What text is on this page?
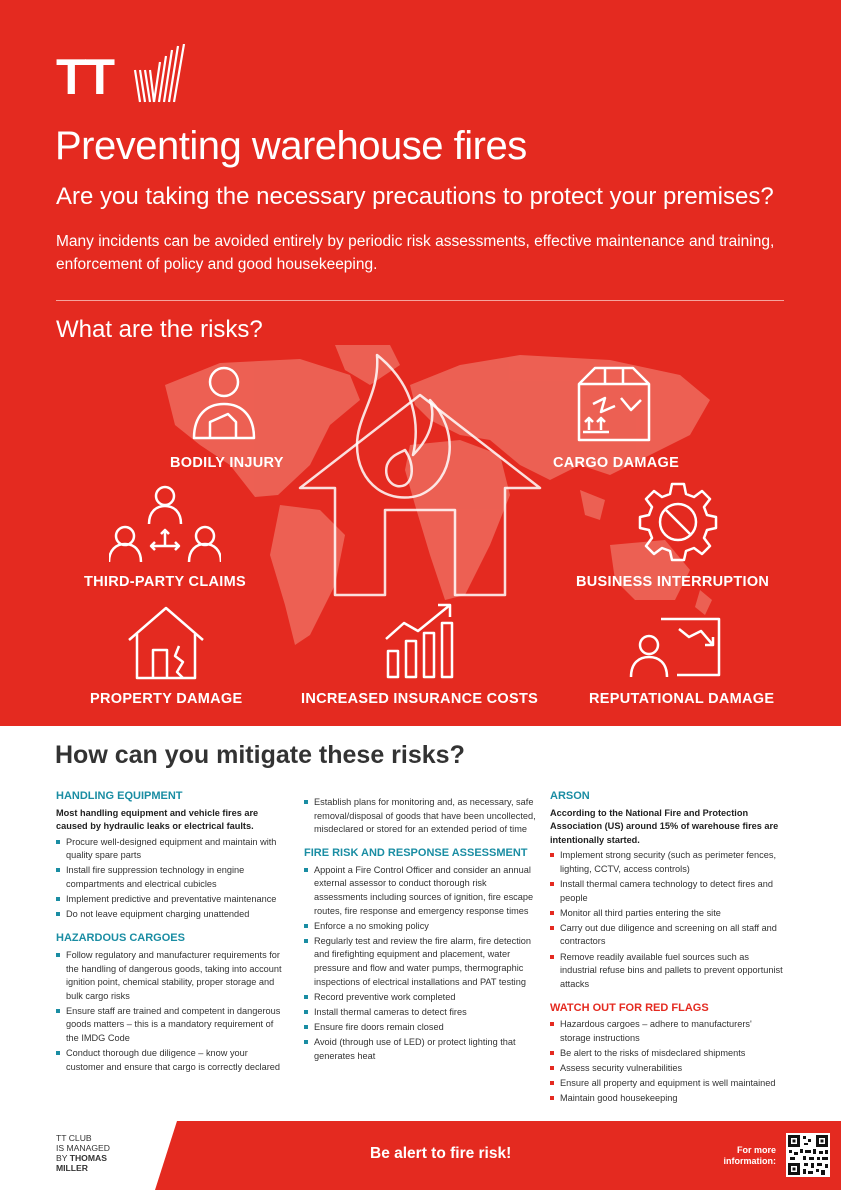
TT
Preventing warehouse fires
Are you taking the necessary precautions to protect your premises?

Many incidents can be avoided entirely by periodic risk assessments, effective maintenance and training, enforcement of policy and good housekeeping.

What are the risks?
BODILY INJURY	CARGO DAMAGE
THIRD-PARTY CLAIMS	BUSINESS INTERRUPTION
PROPERTY DAMAGE	INCREASED INSURANCE COSTS	REPUTATIONAL DAMAGE
How can you mitigate these risks?
HANDLING EQUIPMENT
Most handling equipment and vehicle fires are caused by hydraulic leaks or electrical faults.
Procure well-designed equipment and maintain with quality spare parts
Install fire suppression technology in engine compartments and electrical cubicles
Implement predictive and preventative maintenance
Do not leave equipment charging unattended
HAZARDOUS CARGOES
Follow regulatory and manufacturer requirements for the handling of dangerous goods, taking into account ignition point, chemical stability, proper storage and bulk cargo risks
Ensure staff are trained and competent in dangerous goods matters – this is a mandatory requirement of the IMDG Code
Conduct thorough due diligence – know your customer and ensure that cargo is correctly declared
Establish plans for monitoring and, as necessary, safe removal/disposal of goods that have been uncollected, misdeclared or stored for an extended period of time
FIRE RISK AND RESPONSE ASSESSMENT
Appoint a Fire Control Officer and consider an annual external assessor to conduct thorough risk assessments including sources of ignition, fire escape routes, fire response and emergency response times
Enforce a no smoking policy
Regularly test and review the fire alarm, fire detection and firefighting equipment and placement, water pressure and flow and water pumps, thermographic inspections of electrical installations and PAT testing
Record preventive work completed
Install thermal cameras to detect fires
Ensure fire doors remain closed
Avoid (through use of LED) or protect lighting that generates heat
ARSON
According to the National Fire and Protection Association (US) around 15% of warehouse fires are intentionally started.
Implement strong security (such as perimeter fences, lighting, CCTV, access controls)
Install thermal camera technology to detect fires and people
Monitor all third parties entering the site
Carry out due diligence and screening on all staff and contractors
Remove readily available fuel sources such as industrial refuse bins and pallets to prevent opportunist attacks
WATCH OUT FOR RED FLAGS
Hazardous cargoes – adhere to manufacturers' storage instructions
Be alert to the risks of misdeclared shipments
Assess security vulnerabilities
Ensure all property and equipment is well maintained
Maintain good housekeeping
TT CLUB
IS MANAGED
BY THOMAS
MILLER
Be alert to fire risk!	For more information:
